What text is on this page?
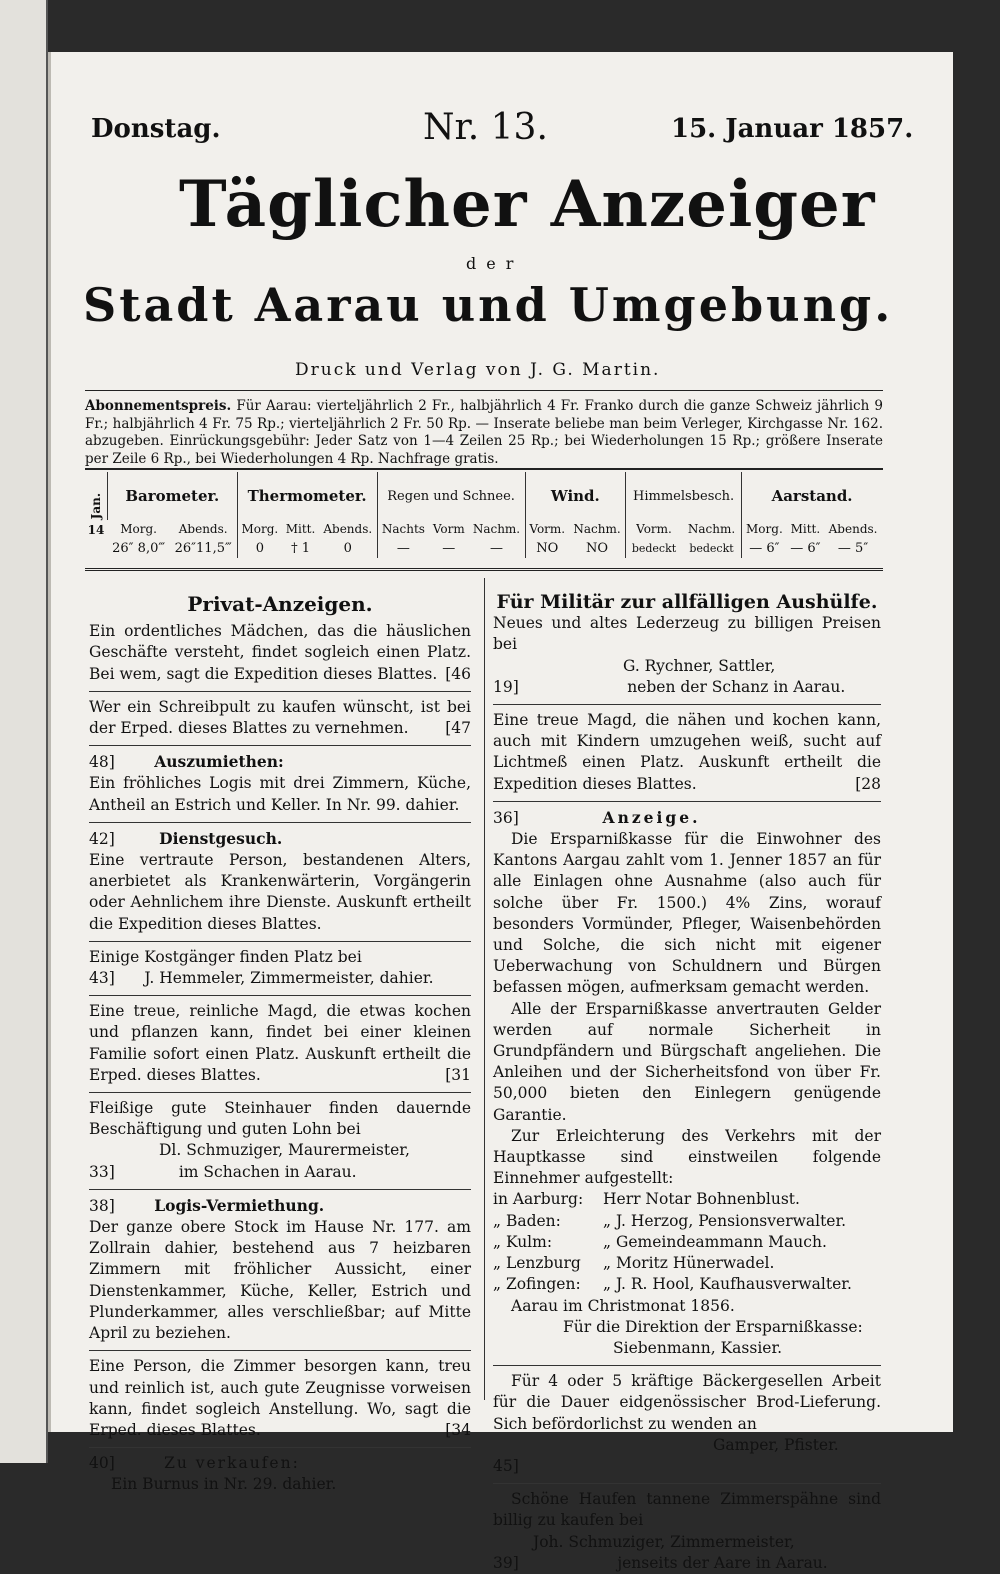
Donstag.	Nr. 13.	15. Januar 1857.
Täglicher Anzeiger
der
Stadt Aarau und Umgebung.
Druck und Verlag von J. G. Martin.
Abonnementspreis. Für Aarau: vierteljährlich 2 Fr., halbjährlich 4 Fr. Franko durch die ganze Schweiz jährlich 9 Fr.; halbjährlich 4 Fr. 75 Rp.; vierteljährlich 2 Fr. 50 Rp. — Inserate beliebe man beim Verleger, Kirchgasse Nr. 162. abzugeben. Einrückungsgebühr: Jeder Satz von 1—4 Zeilen 25 Rp.; bei Wiederholungen 15 Rp.; größere Inserate per Zeile 6 Rp., bei Wiederholungen 4 Rp. Nachfrage gratis.
Jan.
14	Barometer.		Thermometer.			Regen und Schnee.			Wind.		Himmelsbesch.		Aarstand.		
	Morg.	Abends.	Morg.	Mitt.	Abends.	Nachts	Vorm	Nachm.	Vorm.	Nachm.	Vorm.	Nachm.	Morg.	Mitt.	Abends.
	26″ 8,0‴	26″11,5‴	0	† 1	0	—	—	—	NO	NO	bedeckt	bedeckt	— 6″	— 6″	— 5″

Privat-Anzeigen.

Ein ordentliches Mädchen, das die häuslichen Geschäfte versteht, findet sogleich einen Platz. Bei wem, sagt die Expedition dieses Blattes. [46

Wer ein Schreibpult zu kaufen wünscht, ist bei der Erped. dieses Blattes zu vernehmen. [47

48]	Auszumiethen:

Ein fröhliches Logis mit drei Zimmern, Küche, Antheil an Estrich und Keller. In Nr. 99. dahier.

42]	Dienstgesuch.

Eine vertraute Person, bestandenen Alters, anerbietet als Krankenwärterin, Vorgängerin oder Aehnlichem ihre Dienste. Auskunft ertheilt die Expedition dieses Blattes.

Einige Kostgänger finden Platz bei

43] J. Hemmeler, Zimmermeister, dahier.

Eine treue, reinliche Magd, die etwas kochen und pflanzen kann, findet bei einer kleinen Familie sofort einen Platz. Auskunft ertheilt die Erped. dieses Blattes.	[31

Fleißige gute Steinhauer finden dauernde Beschäftigung und guten Lohn bei

Dl. Schmuziger, Maurermeister,

33]	im Schachen in Aarau.

38]	Logis-Vermiethung.

Der ganze obere Stock im Hause Nr. 177. am Zollrain dahier, bestehend aus 7 heizbaren Zimmern mit fröhlicher Aussicht, einer Dienstenkammer, Küche, Keller, Estrich und Plunderkammer, alles verschließbar; auf Mitte April zu beziehen.

Eine Person, die Zimmer besorgen kann, treu und reinlich ist, auch gute Zeugnisse vorweisen kann, findet sogleich Anstellung. Wo, sagt die Erped. dieses Blattes.	[34

40]	Zu verkaufen:

Ein Burnus in Nr. 29. dahier.

Für Militär zur allfälligen Aushülfe.

Neues und altes Lederzeug zu billigen Preisen bei

G. Rychner, Sattler,

19]	neben der Schanz in Aarau.

Eine treue Magd, die nähen und kochen kann, auch mit Kindern umzugehen weiß, sucht auf Lichtmeß einen Platz. Auskunft ertheilt die Expedition dieses Blattes.	[28

36]	Anzeige.

Die Ersparnißkasse für die Einwohner des Kantons Aargau zahlt vom 1. Jenner 1857 an für alle Einlagen ohne Ausnahme (also auch für solche über Fr. 1500.) 4% Zins, worauf besonders Vormünder, Pfleger, Waisenbehörden und Solche, die sich nicht mit eigener Ueberwachung von Schuldnern und Bürgen befassen mögen, aufmerksam gemacht werden.

Alle der Ersparnißkasse anvertrauten Gelder werden auf normale Sicherheit in Grundpfändern und Bürgschaft angeliehen. Die Anleihen und der Sicherheitsfond von über Fr. 50,000 bieten den Einlegern genügende Garantie.

Zur Erleichterung des Verkehrs mit der Hauptkasse sind einstweilen folgende Einnehmer aufgestellt:

in Aarburg:	Herr Notar Bohnenblust.
„ Baden:	„ J. Herzog, Pensionsverwalter.
„ Kulm:	„ Gemeindeammann Mauch.
„ Lenzburg	„ Moritz Hünerwadel.
„ Zofingen:	„ J. R. Hool, Kaufhausverwalter.

Aarau im Christmonat 1856.

Für die Direktion der Ersparnißkasse:

Siebenmann, Kassier.

Für 4 oder 5 kräftige Bäckergesellen Arbeit für die Dauer eidgenössischer Brod-Lieferung. Sich befördorlichst zu wenden an

Gamper, Pfister.

45]

Schöne Haufen tannene Zimmerspähne sind billig zu kaufen bei

Joh. Schmuziger, Zimmermeister,

39]	jenseits der Aare in Aarau.
